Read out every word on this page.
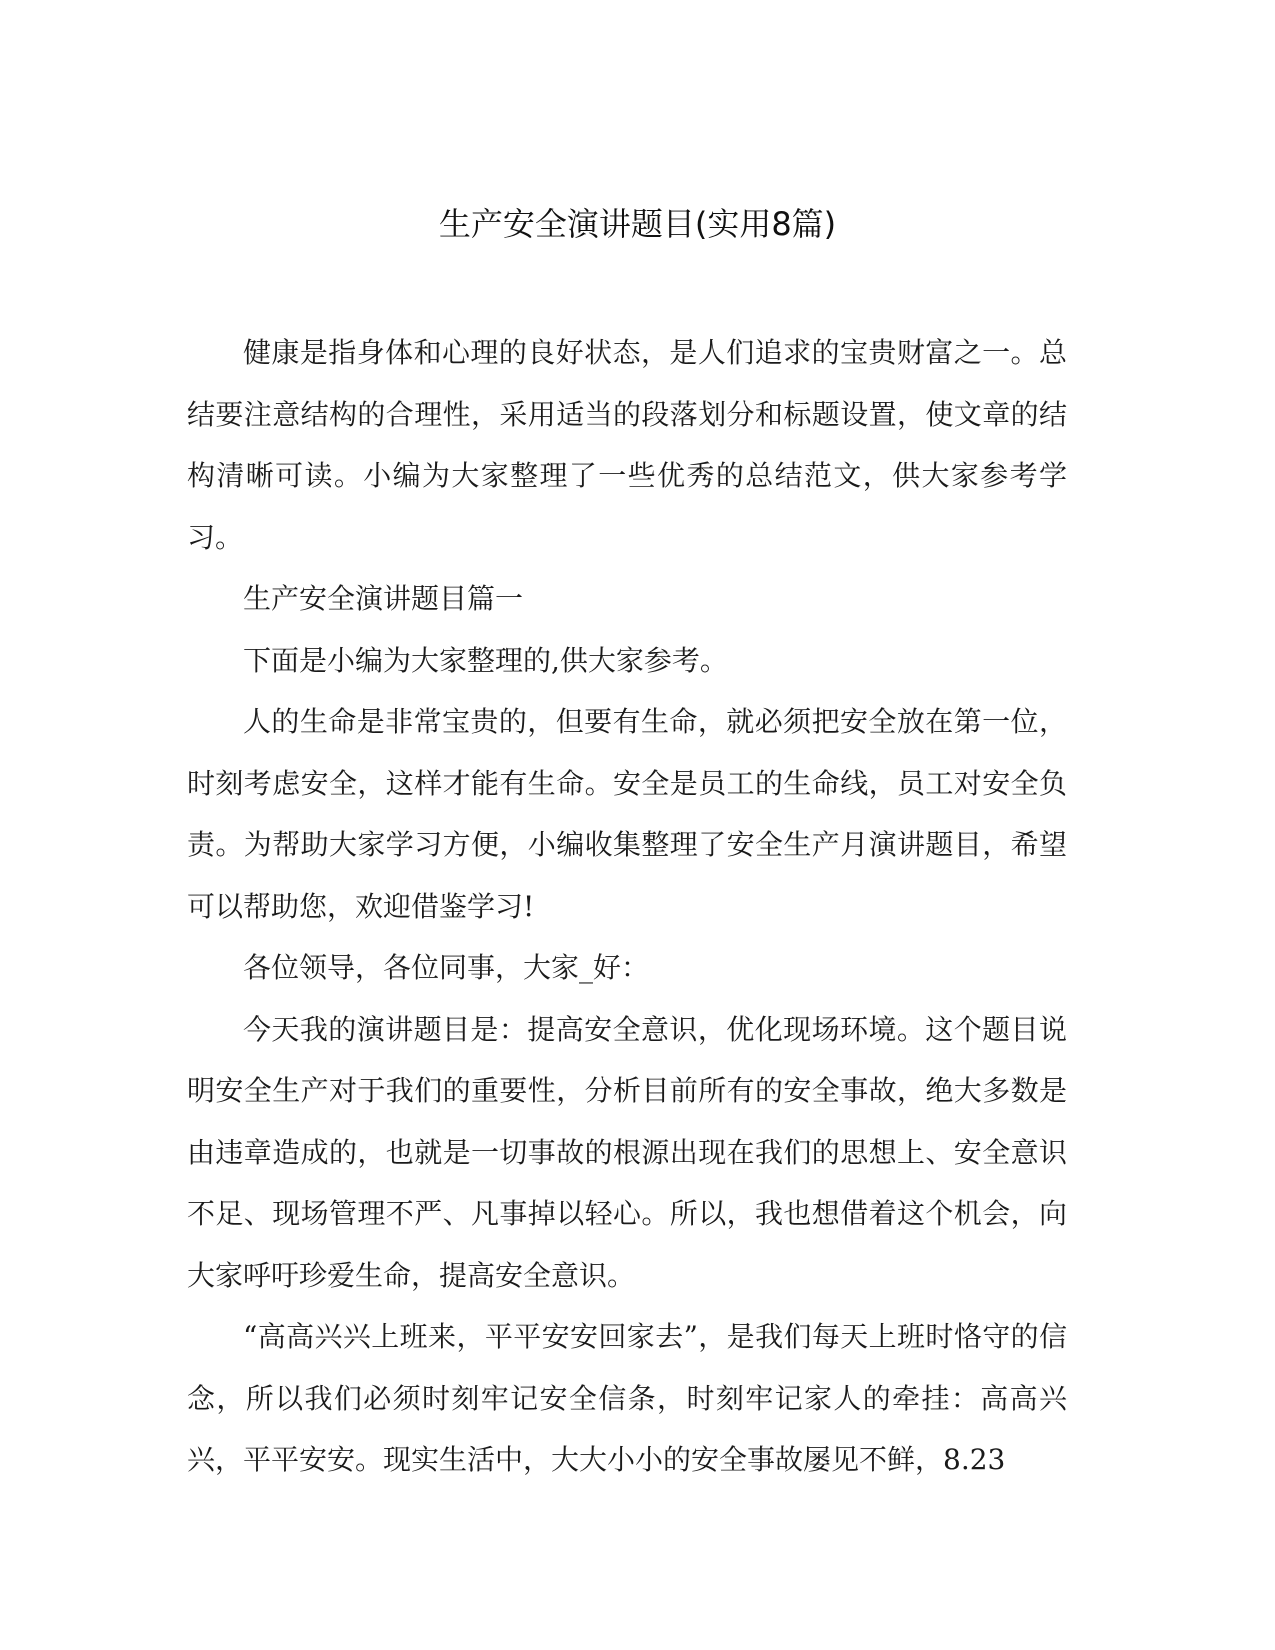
生产安全演讲题目(实用8篇)

健康是指身体和心理的良好状态，是人们追求的宝贵财富之一。总结要注意结构的合理性，采用适当的段落划分和标题设置，使文章的结构清晰可读。小编为大家整理了一些优秀的总结范文，供大家参考学习。

生产安全演讲题目篇一

下面是小编为大家整理的,供大家参考。

人的生命是非常宝贵的，但要有生命，就必须把安全放在第一位，时刻考虑安全，这样才能有生命。安全是员工的生命线，员工对安全负责。为帮助大家学习方便，小编收集整理了安全生产月演讲题目，希望可以帮助您，欢迎借鉴学习!

各位领导，各位同事，大家_好：

今天我的演讲题目是：提高安全意识，优化现场环境。这个题目说明安全生产对于我们的重要性，分析目前所有的安全事故，绝大多数是由违章造成的，也就是一切事故的根源出现在我们的思想上、安全意识不足、现场管理不严、凡事掉以轻心。所以，我也想借着这个机会，向大家呼吁珍爱生命，提高安全意识。

“高高兴兴上班来，平平安安回家去”，是我们每天上班时恪守的信念，所以我们必须时刻牢记安全信条，时刻牢记家人的牵挂：高高兴兴，平平安安。现实生活中，大大小小的安全事故屡见不鲜，8.23
